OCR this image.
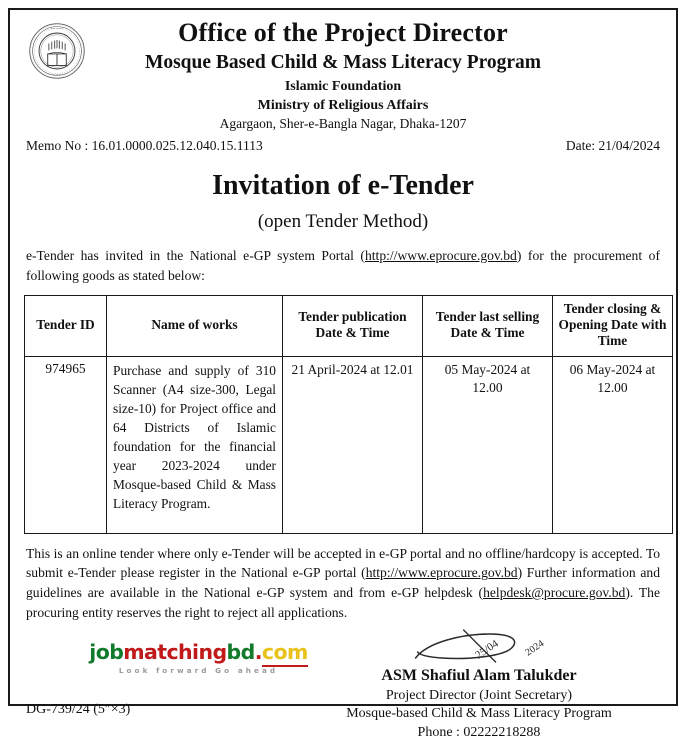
••••••••
••••••••
Office of the Project Director
Mosque Based Child & Mass Literacy Program
Islamic Foundation
Ministry of Religious Affairs
Agargaon, Sher-e-Bangla Nagar, Dhaka-1207
Memo No : 16.01.0000.025.12.040.15.1113	Date: 21/04/2024
Invitation of e-Tender
(open Tender Method)

e-Tender has invited in the National e-GP system Portal (http://www.eprocure.gov.bd) for the procurement of following goods as stated below:

Tender ID	Name of works	Tender publication Date & Time	Tender last selling Date & Time	Tender closing & Opening Date with Time
974965	Purchase and supply of 310 Scanner (A4 size-300, Legal size-10) for Project office and 64 Districts of Islamic foundation for the financial year 2023-2024 under Mosque-based Child & Mass Literacy Program.	21 April-2024 at 12.01	05 May-2024 at 12.00	06 May-2024 at 12.00

This is an online tender where only e-Tender will be accepted in e-GP portal and no offline/hardcopy is accepted. To submit e-Tender please register in the National e-GP portal (http://www.eprocure.gov.bd) Further information and guidelines are available in the National e-GP system and from e-GP helpdesk (helpdesk@procure.gov.bd). The procuring entity reserves the right to reject all applications.

jobmatchingbd.com
Look forward Go ahead
DG-739/24 (5″×3)
25/04 2024
ASM Shafiul Alam Talukder
Project Director (Joint Secretary)
Mosque-based Child & Mass Literacy Program
Phone : 02222218288
